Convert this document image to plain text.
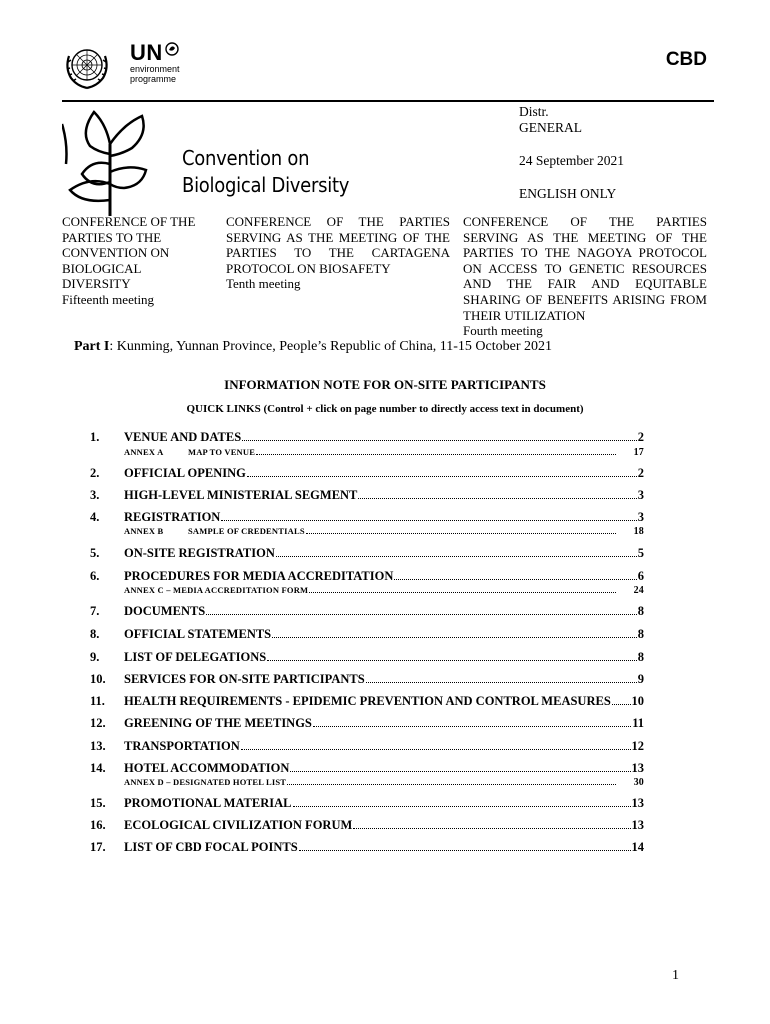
UN
environment
programme
CBD
Convention on
Biological Diversity
Distr.
GENERAL
24 September 2021
ENGLISH ONLY
CONFERENCE OF THE
PARTIES TO THE
CONVENTION ON
BIOLOGICAL
DIVERSITY
Fifteenth meeting
CONFERENCE OF THE PARTIES SERVING AS THE MEETING OF THE PARTIES TO THE CARTAGENA PROTOCOL ON BIOSAFETY
Tenth meeting
CONFERENCE OF THE PARTIES SERVING AS THE MEETING OF THE PARTIES TO THE NAGOYA PROTOCOL ON ACCESS TO GENETIC RESOURCES AND THE FAIR AND EQUITABLE SHARING OF BENEFITS ARISING FROM THEIR UTILIZATION
Fourth meeting
Part I: Kunming, Yunnan Province, People’s Republic of China, 11-15 October 2021
INFORMATION NOTE FOR ON-SITE PARTICIPANTS
QUICK LINKS (Control + click on page number to directly access text in document)
1. VENUE AND DATES	2
ANNEX A	MAP TO VENUE	17
2. OFFICIAL OPENING	2
3. HIGH-LEVEL MINISTERIAL SEGMENT	3
4. REGISTRATION	3
ANNEX B	SAMPLE OF CREDENTIALS	18
5. ON-SITE REGISTRATION	5
6. PROCEDURES FOR MEDIA ACCREDITATION	6
ANNEX C – MEDIA ACCREDITATION FORM	24
7. DOCUMENTS	8
8. OFFICIAL STATEMENTS	8
9. LIST OF DELEGATIONS	8
10. SERVICES FOR ON-SITE PARTICIPANTS	9
11. HEALTH REQUIREMENTS - EPIDEMIC PREVENTION AND CONTROL MEASURES 10
12. GREENING OF THE MEETINGS	11
13. TRANSPORTATION	12
14. HOTEL ACCOMMODATION	13
ANNEX D – DESIGNATED HOTEL LIST	30
15. PROMOTIONAL MATERIAL	13
16. ECOLOGICAL CIVILIZATION FORUM	13
17. LIST OF CBD FOCAL POINTS	14
1
